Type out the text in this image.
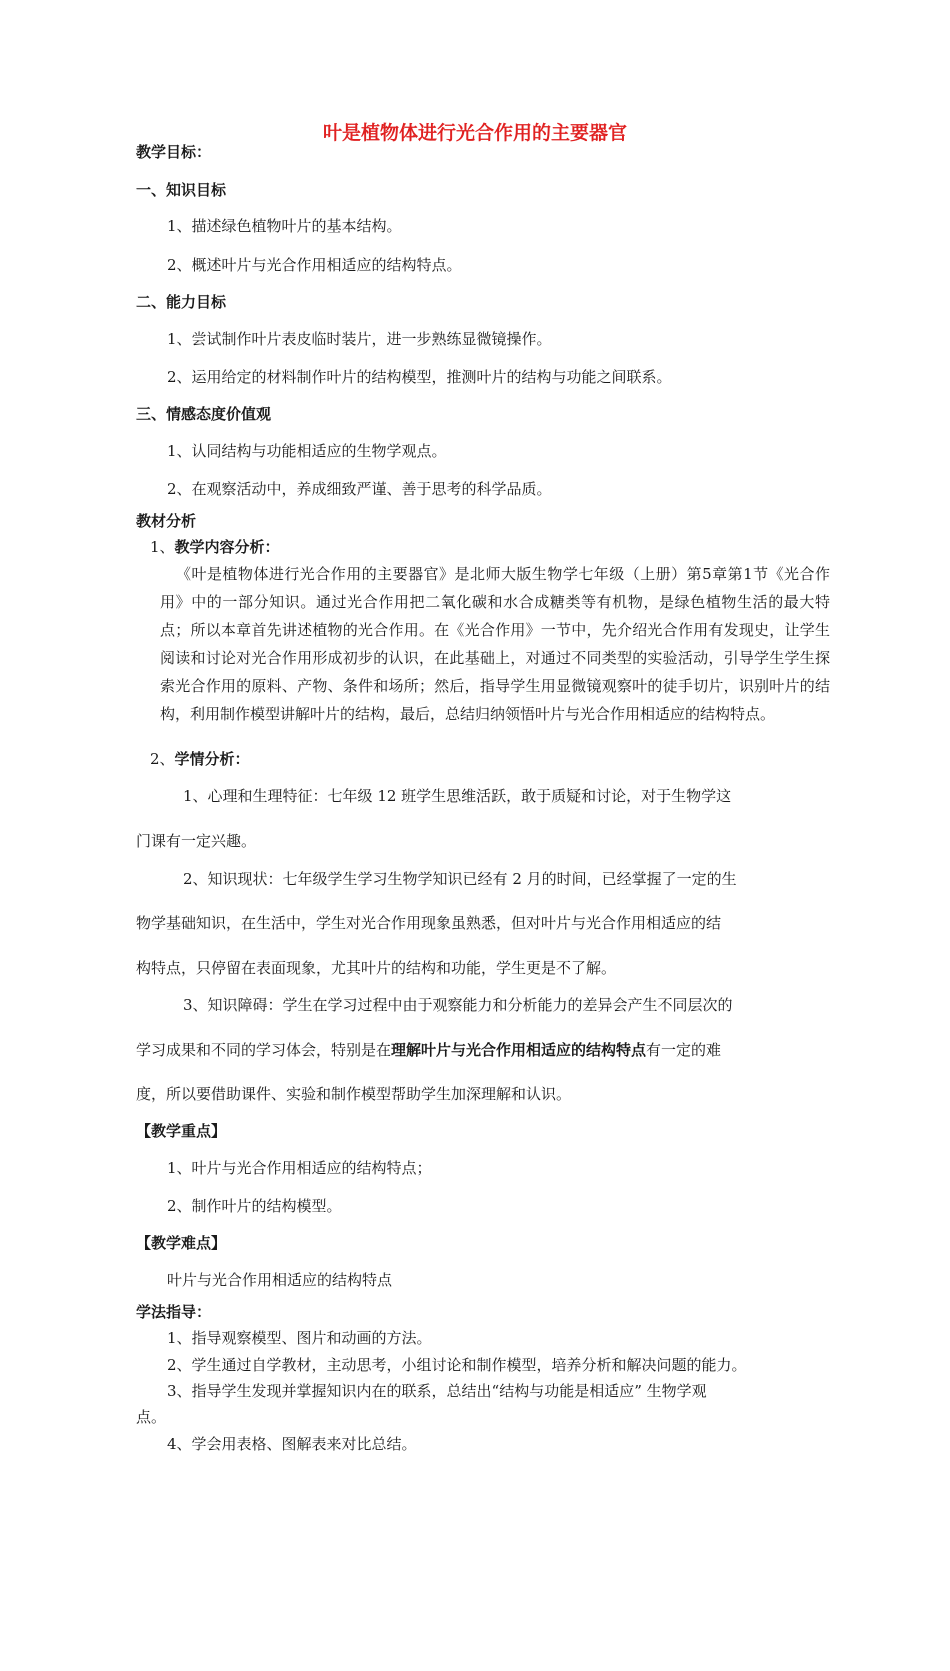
叶是植物体进行光合作用的主要器官
教学目标：
一、知识目标
1、描述绿色植物叶片的基本结构。
2、概述叶片与光合作用相适应的结构特点。
二、能力目标
1、尝试制作叶片表皮临时装片，进一步熟练显微镜操作。
2、运用给定的材料制作叶片的结构模型，推测叶片的结构与功能之间联系。
三、情感态度价值观
1、认同结构与功能相适应的生物学观点。
2、在观察活动中，养成细致严谨、善于思考的科学品质。
教材分析
1、教学内容分析：
《叶是植物体进行光合作用的主要器官》是北师大版生物学七年级（上册）第5章第1节《光合作用》中的一部分知识。通过光合作用把二氧化碳和水合成糖类等有机物，是绿色植物生活的最大特点；所以本章首先讲述植物的光合作用。在《光合作用》一节中，先介绍光合作用有发现史，让学生阅读和讨论对光合作用形成初步的认识，在此基础上，对通过不同类型的实验活动，引导学生学生探索光合作用的原料、产物、条件和场所；然后，指导学生用显微镜观察叶的徒手切片，识别叶片的结构，利用制作模型讲解叶片的结构，最后，总结归纳领悟叶片与光合作用相适应的结构特点。
2、学情分析：
1、心理和生理特征：七年级 12 班学生思维活跃，敢于质疑和讨论，对于生物学这
门课有一定兴趣。
2、知识现状：七年级学生学习生物学知识已经有 2 月的时间，已经掌握了一定的生
物学基础知识，在生活中，学生对光合作用现象虽熟悉，但对叶片与光合作用相适应的结
构特点，只停留在表面现象，尤其叶片的结构和功能，学生更是不了解。
3、知识障碍：学生在学习过程中由于观察能力和分析能力的差异会产生不同层次的
学习成果和不同的学习体会，特别是在理解叶片与光合作用相适应的结构特点有一定的难
度，所以要借助课件、实验和制作模型帮助学生加深理解和认识。
【教学重点】
1、叶片与光合作用相适应的结构特点；
2、制作叶片的结构模型。
【教学难点】
叶片与光合作用相适应的结构特点
学法指导：
1、指导观察模型、图片和动画的方法。
2、学生通过自学教材，主动思考，小组讨论和制作模型，培养分析和解决问题的能力。
3、指导学生发现并掌握知识内在的联系，总结出“结构与功能是相适应” 生物学观
点。
4、学会用表格、图解表来对比总结。
